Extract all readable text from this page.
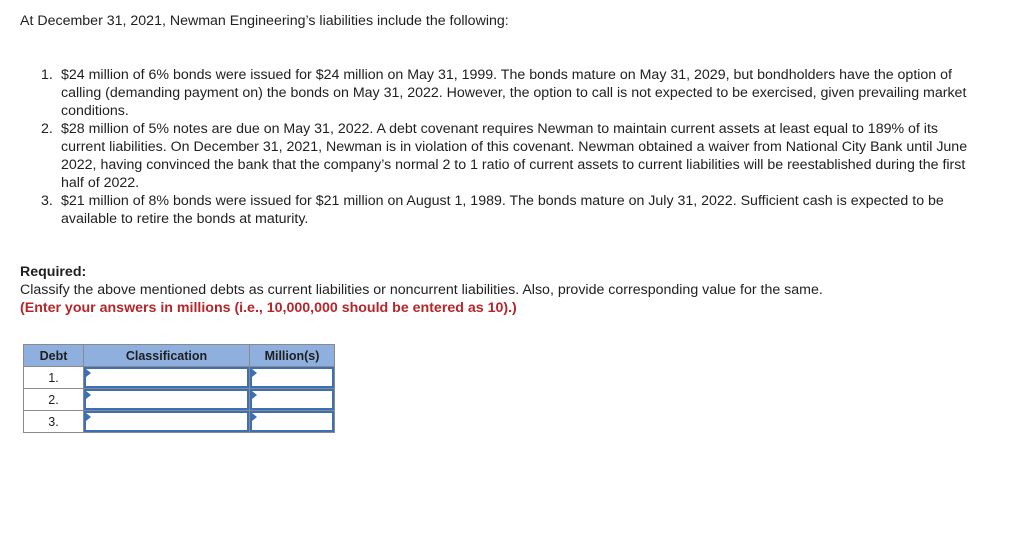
At December 31, 2021, Newman Engineering’s liabilities include the following:
1. $24 million of 6% bonds were issued for $24 million on May 31, 1999. The bonds mature on May 31, 2029, but bondholders have the option of calling (demanding payment on) the bonds on May 31, 2022. However, the option to call is not expected to be exercised, given prevailing market conditions.
2. $28 million of 5% notes are due on May 31, 2022. A debt covenant requires Newman to maintain current assets at least equal to 189% of its current liabilities. On December 31, 2021, Newman is in violation of this covenant. Newman obtained a waiver from National City Bank until June 2022, having convinced the bank that the company’s normal 2 to 1 ratio of current assets to current liabilities will be reestablished during the first half of 2022.
3. $21 million of 8% bonds were issued for $21 million on August 1, 1989. The bonds mature on July 31, 2022. Sufficient cash is expected to be available to retire the bonds at maturity.
Required:
Classify the above mentioned debts as current liabilities or noncurrent liabilities. Also, provide corresponding value for the same.
(Enter your answers in millions (i.e., 10,000,000 should be entered as 10).)
Debt	Classification	Million(s)
1.	

2.	

3.	
